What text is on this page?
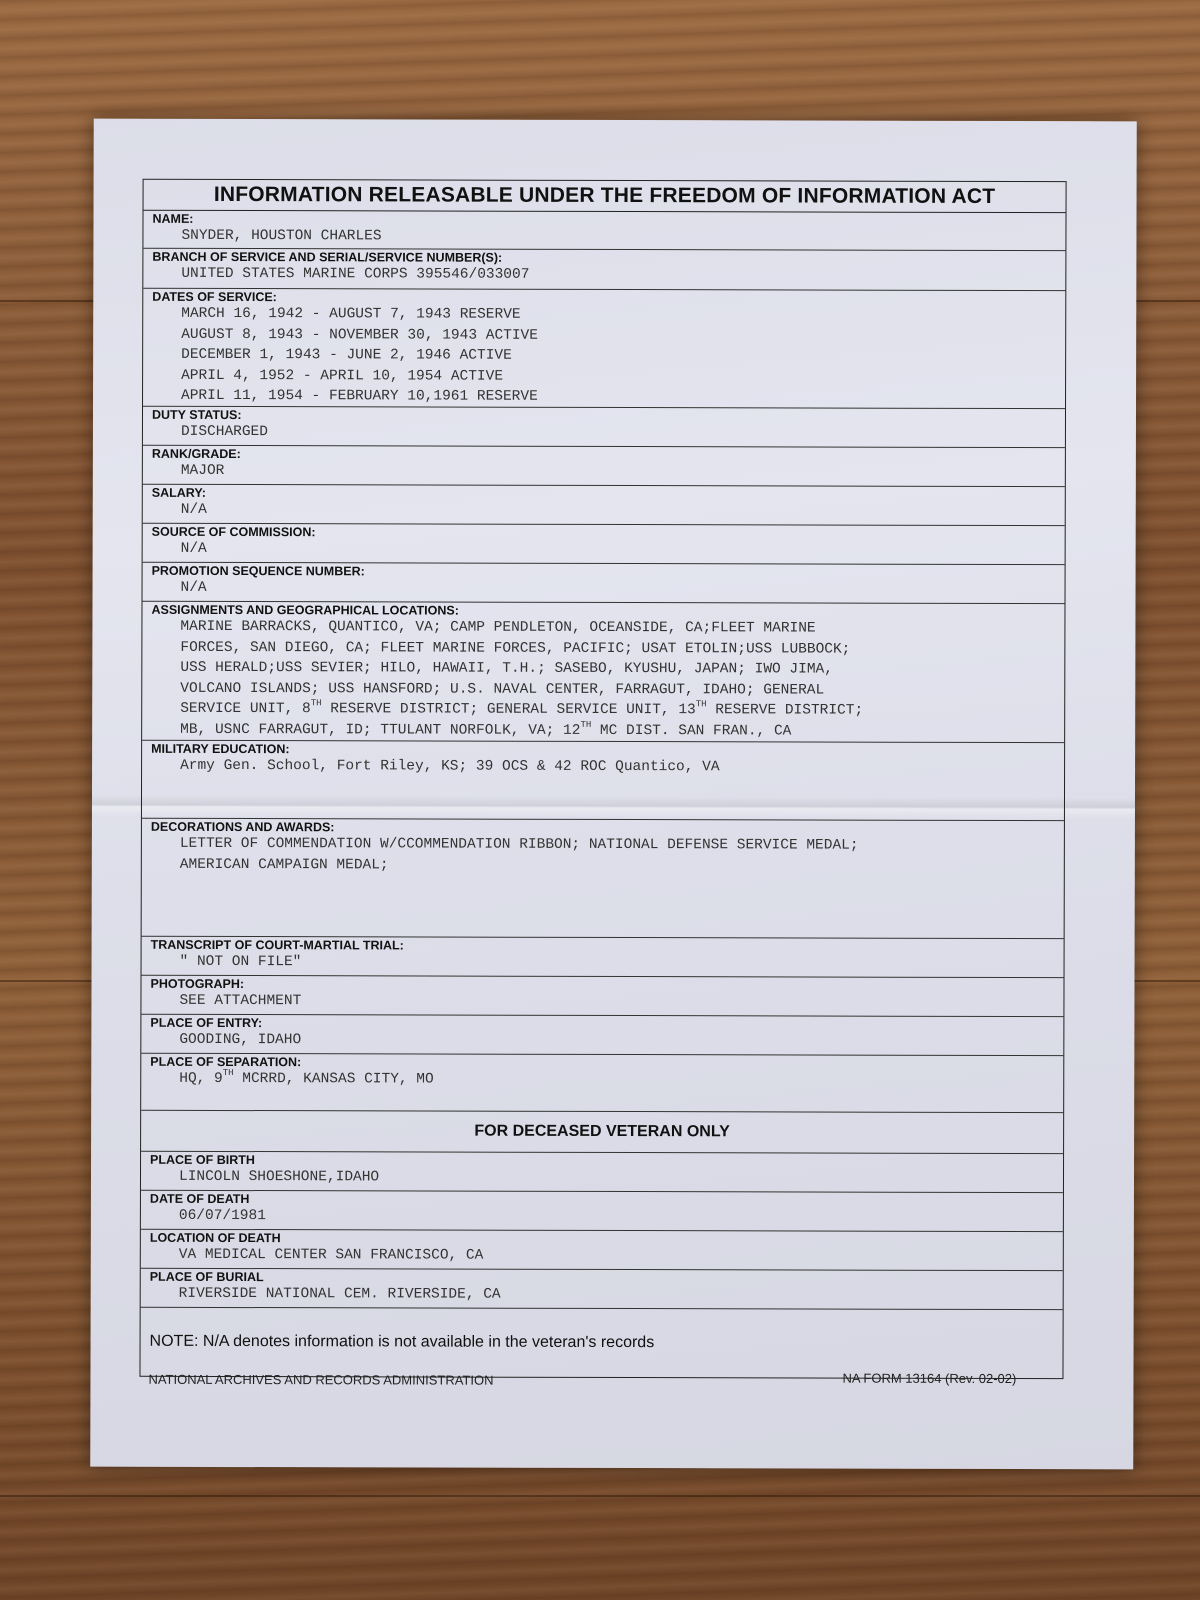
INFORMATION RELEASABLE UNDER THE FREEDOM OF INFORMATION ACT
NAME:
SNYDER, HOUSTON CHARLES
BRANCH OF SERVICE AND SERIAL/SERVICE NUMBER(S):
UNITED STATES MARINE CORPS 395546/033007
DATES OF SERVICE:
MARCH 16, 1942 - AUGUST 7, 1943 RESERVE
AUGUST 8, 1943 - NOVEMBER 30, 1943 ACTIVE
DECEMBER 1, 1943 - JUNE 2, 1946 ACTIVE
APRIL 4, 1952 - APRIL 10, 1954 ACTIVE
APRIL 11, 1954 - FEBRUARY 10,1961 RESERVE
DUTY STATUS:
DISCHARGED
RANK/GRADE:
MAJOR
SALARY:
N/A
SOURCE OF COMMISSION:
N/A
PROMOTION SEQUENCE NUMBER:
N/A
ASSIGNMENTS AND GEOGRAPHICAL LOCATIONS:
MARINE BARRACKS, QUANTICO, VA; CAMP PENDLETON, OCEANSIDE, CA;FLEET MARINE
FORCES, SAN DIEGO, CA; FLEET MARINE FORCES, PACIFIC; USAT ETOLIN;USS LUBBOCK;
USS HERALD;USS SEVIER; HILO, HAWAII, T.H.; SASEBO, KYUSHU, JAPAN; IWO JIMA,
VOLCANO ISLANDS; USS HANSFORD; U.S. NAVAL CENTER, FARRAGUT, IDAHO; GENERAL
SERVICE UNIT, 8TH RESERVE DISTRICT; GENERAL SERVICE UNIT, 13TH RESERVE DISTRICT;
MB, USNC FARRAGUT, ID; TTULANT NORFOLK, VA; 12TH MC DIST. SAN FRAN., CA
MILITARY EDUCATION:
Army Gen. School, Fort Riley, KS; 39 OCS & 42 ROC Quantico, VA
DECORATIONS AND AWARDS:
LETTER OF COMMENDATION W/CCOMMENDATION RIBBON; NATIONAL DEFENSE SERVICE MEDAL;
AMERICAN CAMPAIGN MEDAL;
TRANSCRIPT OF COURT-MARTIAL TRIAL:
" NOT ON FILE"
PHOTOGRAPH:
SEE ATTACHMENT
PLACE OF ENTRY:
GOODING, IDAHO
PLACE OF SEPARATION:
HQ, 9TH MCRRD, KANSAS CITY, MO
FOR DECEASED VETERAN ONLY
PLACE OF BIRTH
LINCOLN SHOESHONE,IDAHO
DATE OF DEATH
06/07/1981
LOCATION OF DEATH
VA MEDICAL CENTER SAN FRANCISCO, CA
PLACE OF BURIAL
RIVERSIDE NATIONAL CEM. RIVERSIDE, CA
NOTE: N/A denotes information is not available in the veteran's records
NATIONAL ARCHIVES AND RECORDS ADMINISTRATION	NA FORM 13164 (Rev. 02-02)
